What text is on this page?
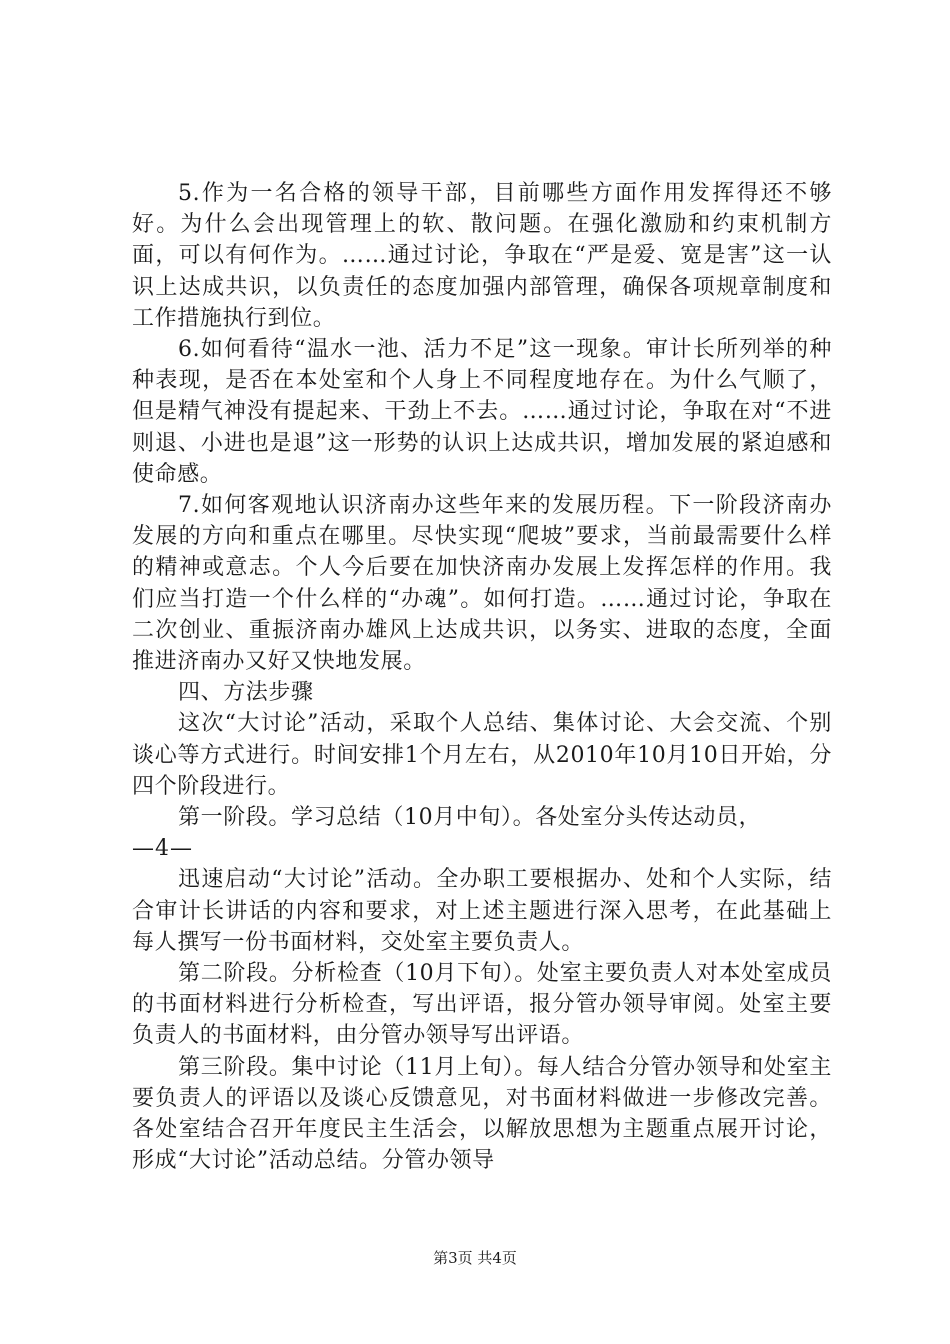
5.作为一名合格的领导干部，目前哪些方面作用发挥得还不够好。为什么会出现管理上的软、散问题。在强化激励和约束机制方面，可以有何作为。……通过讨论，争取在“严是爱、宽是害”这一认识上达成共识，以负责任的态度加强内部管理，确保各项规章制度和工作措施执行到位。

6.如何看待“温水一池、活力不足”这一现象。审计长所列举的种种表现，是否在本处室和个人身上不同程度地存在。为什么气顺了，但是精气神没有提起来、干劲上不去。……通过讨论，争取在对“不进则退、小进也是退”这一形势的认识上达成共识，增加发展的紧迫感和使命感。

7.如何客观地认识济南办这些年来的发展历程。下一阶段济南办发展的方向和重点在哪里。尽快实现“爬坡”要求，当前最需要什么样的精神或意志。个人今后要在加快济南办发展上发挥怎样的作用。我们应当打造一个什么样的“办魂”。如何打造。……通过讨论，争取在二次创业、重振济南办雄风上达成共识，以务实、进取的态度，全面推进济南办又好又快地发展。

四、方法步骤

这次“大讨论”活动，采取个人总结、集体讨论、大会交流、个别谈心等方式进行。时间安排1个月左右，从2010年10月10日开始，分四个阶段进行。

第一阶段。学习总结（10月中旬）。各处室分头传达动员，

—4—

迅速启动“大讨论”活动。全办职工要根据办、处和个人实际，结合审计长讲话的内容和要求，对上述主题进行深入思考，在此基础上每人撰写一份书面材料，交处室主要负责人。

第二阶段。分析检查（10月下旬）。处室主要负责人对本处室成员的书面材料进行分析检查，写出评语，报分管办领导审阅。处室主要负责人的书面材料，由分管办领导写出评语。

第三阶段。集中讨论（11月上旬）。每人结合分管办领导和处室主要负责人的评语以及谈心反馈意见，对书面材料做进一步修改完善。各处室结合召开年度民主生活会，以解放思想为主题重点展开讨论，形成“大讨论”活动总结。分管办领导

第3页 共4页
